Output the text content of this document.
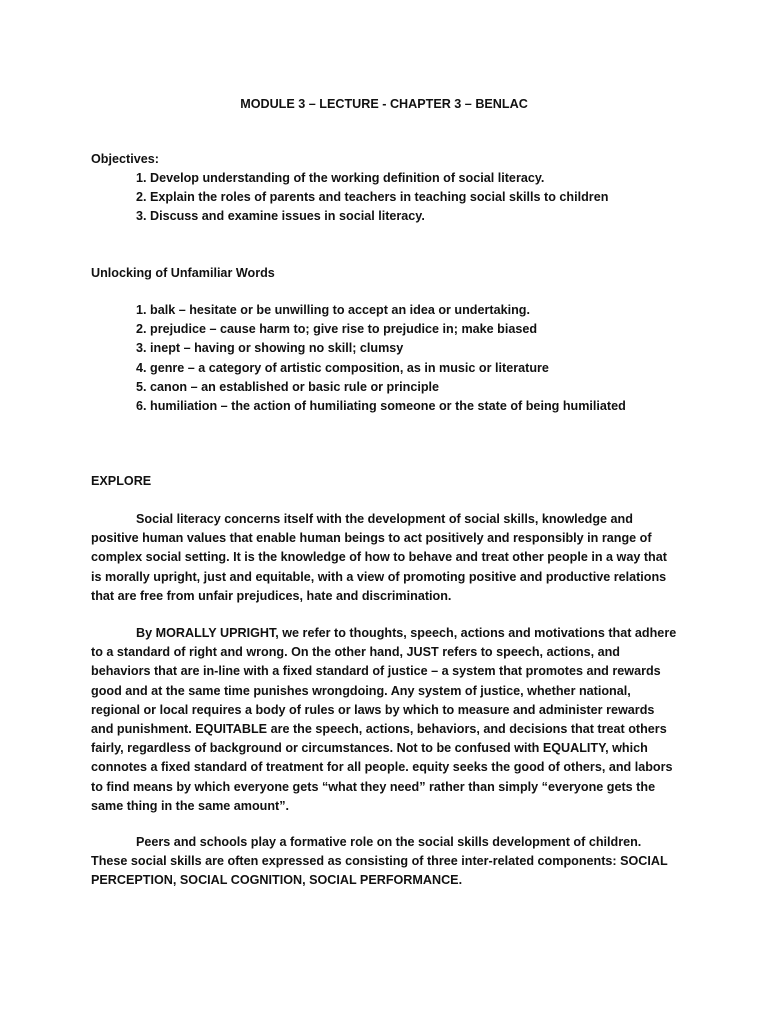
MODULE 3 – LECTURE - CHAPTER 3 – BENLAC
Objectives:
1. Develop understanding of the working definition of social literacy.
2. Explain the roles of parents and teachers in teaching social skills to children
3. Discuss and examine issues in social literacy.
Unlocking of Unfamiliar Words
1. balk – hesitate or be unwilling to accept an idea or undertaking.
2. prejudice – cause harm to; give rise to prejudice in; make biased
3. inept – having or showing no skill; clumsy
4. genre – a category of artistic composition, as in music or literature
5. canon – an established or basic rule or principle
6. humiliation – the action of humiliating someone or the state of being humiliated
EXPLORE

Social literacy concerns itself with the development of social skills, knowledge and positive human values that enable human beings to act positively and responsibly in range of complex social setting. It is the knowledge of how to behave and treat other people in a way that is morally upright, just and equitable, with a view of promoting positive and productive relations that are free from unfair prejudices, hate and discrimination.

By MORALLY UPRIGHT, we refer to thoughts, speech, actions and motivations that adhere to a standard of right and wrong. On the other hand, JUST refers to speech, actions, and behaviors that are in-line with a fixed standard of justice – a system that promotes and rewards good and at the same time punishes wrongdoing. Any system of justice, whether national, regional or local requires a body of rules or laws by which to measure and administer rewards and punishment. EQUITABLE are the speech, actions, behaviors, and decisions that treat others fairly, regardless of background or circumstances. Not to be confused with EQUALITY, which connotes a fixed standard of treatment for all people. equity seeks the good of others, and labors to find means by which everyone gets “what they need” rather than simply “everyone gets the same thing in the same amount”.

Peers and schools play a formative role on the social skills development of children. These social skills are often expressed as consisting of three inter-related components: SOCIAL PERCEPTION, SOCIAL COGNITION, SOCIAL PERFORMANCE.
